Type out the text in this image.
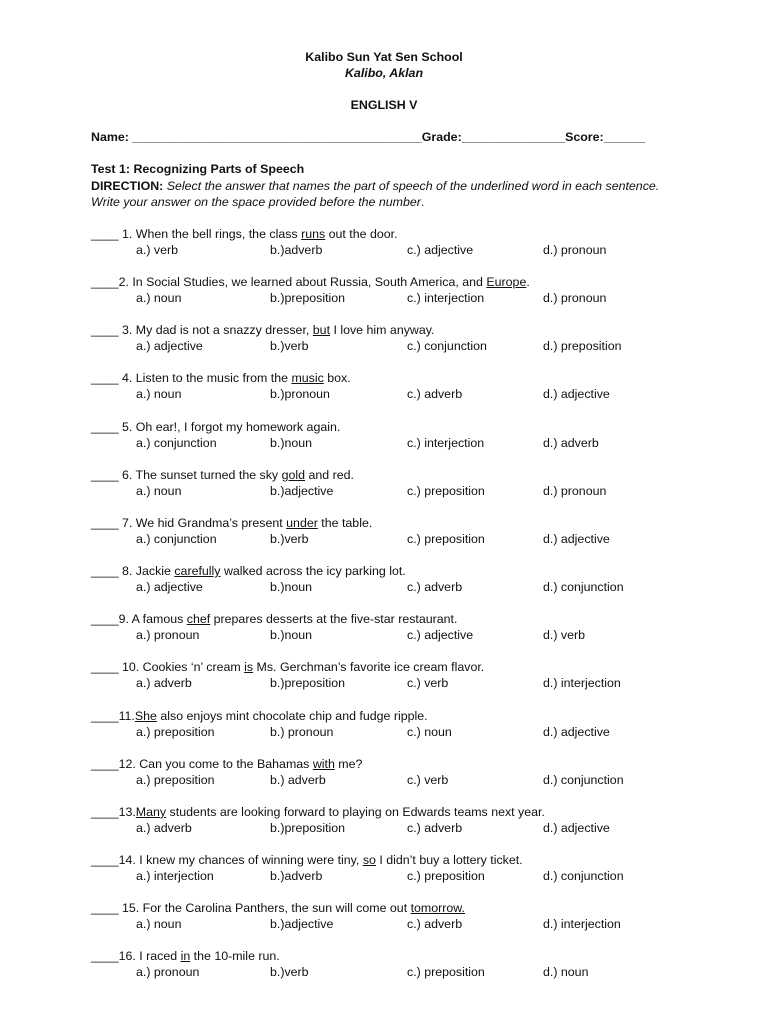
Kalibo Sun Yat Sen School
Kalibo, Aklan
ENGLISH V
Name: __________________________________________Grade:_______________Score:______
Test 1: Recognizing Parts of Speech
DIRECTION: Select the answer that names the part of speech of the underlined word in each sentence. Write your answer on the space provided before the number.
____ 1. When the bell rings, the class runs out the door.
a.) verb	b.)adverb	c.) adjective	d.) pronoun
____2. In Social Studies, we learned about Russia, South America, and Europe.
a.) noun	b.)preposition	c.) interjection	d.) pronoun
____ 3. My dad is not a snazzy dresser, but I love him anyway.
a.) adjective	b.)verb	c.) conjunction	d.) preposition
____ 4. Listen to the music from the music box.
a.) noun	b.)pronoun	c.) adverb	d.) adjective
____ 5. Oh ear!, I forgot my homework again.
a.) conjunction	b.)noun	c.) interjection	d.) adverb
____ 6. The sunset turned the sky gold and red.
a.) noun	b.)adjective	c.) preposition	d.) pronoun
____ 7. We hid Grandma’s present under the table.
a.) conjunction	b.)verb	c.) preposition	d.) adjective
____ 8. Jackie carefully walked across the icy parking lot.
a.) adjective	b.)noun	c.) adverb	d.) conjunction
____9. A famous chef prepares desserts at the five-star restaurant.
a.) pronoun	b.)noun	c.) adjective	d.) verb
____ 10. Cookies ‘n’ cream is Ms. Gerchman’s favorite ice cream flavor.
a.) adverb	b.)preposition	c.) verb	d.) interjection
____11.She also enjoys mint chocolate chip and fudge ripple.
a.) preposition	b.) pronoun	c.) noun	d.) adjective
____12. Can you come to the Bahamas with me?
a.) preposition	b.) adverb	c.) verb	d.) conjunction
____13.Many students are looking forward to playing on Edwards teams next year.
a.) adverb	b.)preposition	c.) adverb	d.) adjective
____14. I knew my chances of winning were tiny, so I didn’t buy a lottery ticket.
a.) interjection	b.)adverb	c.) preposition	d.) conjunction
____ 15. For the Carolina Panthers, the sun will come out tomorrow.
a.) noun	b.)adjective	c.) adverb	d.) interjection
____16. I raced in the 10-mile run.
a.) pronoun	b.)verb	c.) preposition	d.) noun
